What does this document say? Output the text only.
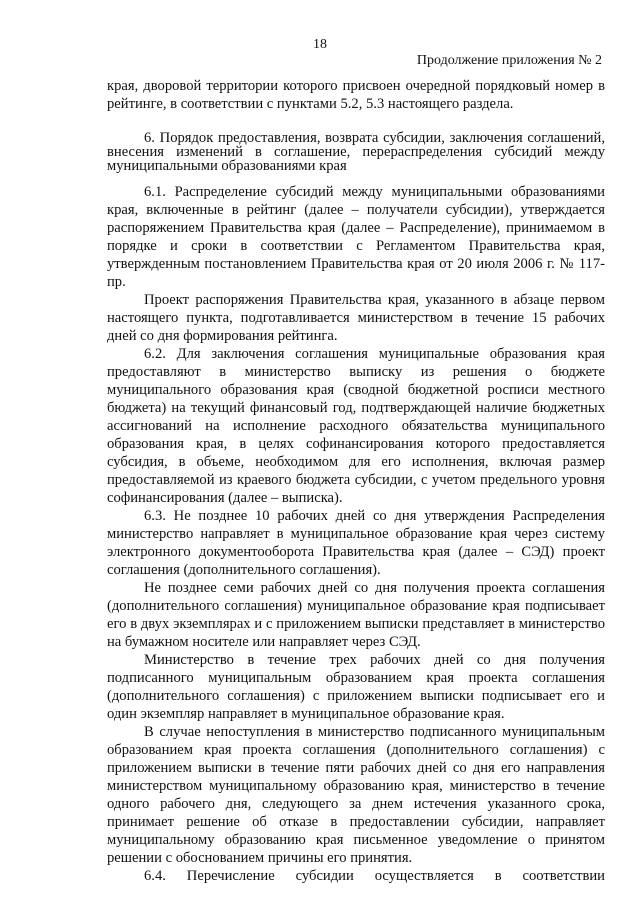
18
Продолжение приложения № 2

края, дворовой территории которого присвоен очередной порядковый номер в рейтинге, в соответствии с пунктами 5.2, 5.3 настоящего раздела.

6. Порядок предоставления, возврата субсидии, заключения соглашений, внесения изменений в соглашение, перераспределения субсидий между муниципальными образованиями края

6.1. Распределение субсидий между муниципальными образованиями края, включенные в рейтинг (далее – получатели субсидии), утверждается распоряжением Правительства края (далее – Распределение), принимаемом в порядке и сроки в соответствии с Регламентом Правительства края, утвержденным постановлением Правительства края от 20 июля 2006 г. № 117-пр.

Проект распоряжения Правительства края, указанного в абзаце первом настоящего пункта, подготавливается министерством в течение 15 рабочих дней со дня формирования рейтинга.

6.2. Для заключения соглашения муниципальные образования края предоставляют в министерство выписку из решения о бюджете муниципального образования края (сводной бюджетной росписи местного бюджета) на текущий финансовый год, подтверждающей наличие бюджетных ассигнований на исполнение расходного обязательства муниципального образования края, в целях софинансирования которого предоставляется субсидия, в объеме, необходимом для его исполнения, включая размер предоставляемой из краевого бюджета субсидии, с учетом предельного уровня софинансирования (далее – выписка).

6.3. Не позднее 10 рабочих дней со дня утверждения Распределения министерство направляет в муниципальное образование края через систему электронного документооборота Правительства края (далее – СЭД) проект соглашения (дополнительного соглашения).

Не позднее семи рабочих дней со дня получения проекта соглашения (дополнительного соглашения) муниципальное образование края подписывает его в двух экземплярах и с приложением выписки представляет в министерство на бумажном носителе или направляет через СЭД.

Министерство в течение трех рабочих дней со дня получения подписанного муниципальным образованием края проекта соглашения (дополнительного соглашения) с приложением выписки подписывает его и один экземпляр направляет в муниципальное образование края.

В случае непоступления в министерство подписанного муниципальным образованием края проекта соглашения (дополнительного соглашения) с приложением выписки в течение пяти рабочих дней со дня его направления министерством муниципальному образованию края, министерство в течение одного рабочего дня, следующего за днем истечения указанного срока, принимает решение об отказе в предоставлении субсидии, направляет муниципальному образованию края письменное уведомление о принятом решении с обоснованием причины его принятия.

6.4. Перечисление субсидии осуществляется в соответствии
